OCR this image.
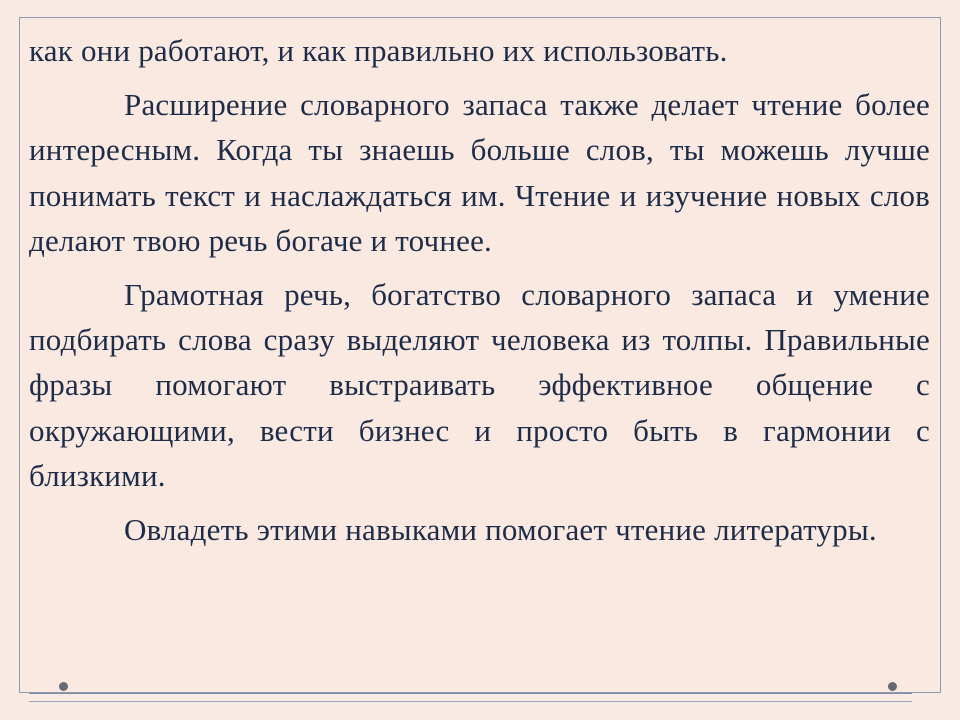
как они работают, и как правильно их использовать.

Расширение словарного запаса также делает чтение более интересным. Когда ты знаешь больше слов, ты можешь лучше понимать текст и наслаждаться им. Чтение и изучение новых слов делают твою речь богаче и точнее.

Грамотная речь, богатство словарного запаса и умение подбирать слова сразу выделяют человека из толпы. Правильные фразы помогают выстраивать эффективное общение с окружающими, вести бизнес и просто быть в гармонии с близкими.

Овладеть этими навыками помогает чтение литературы.
